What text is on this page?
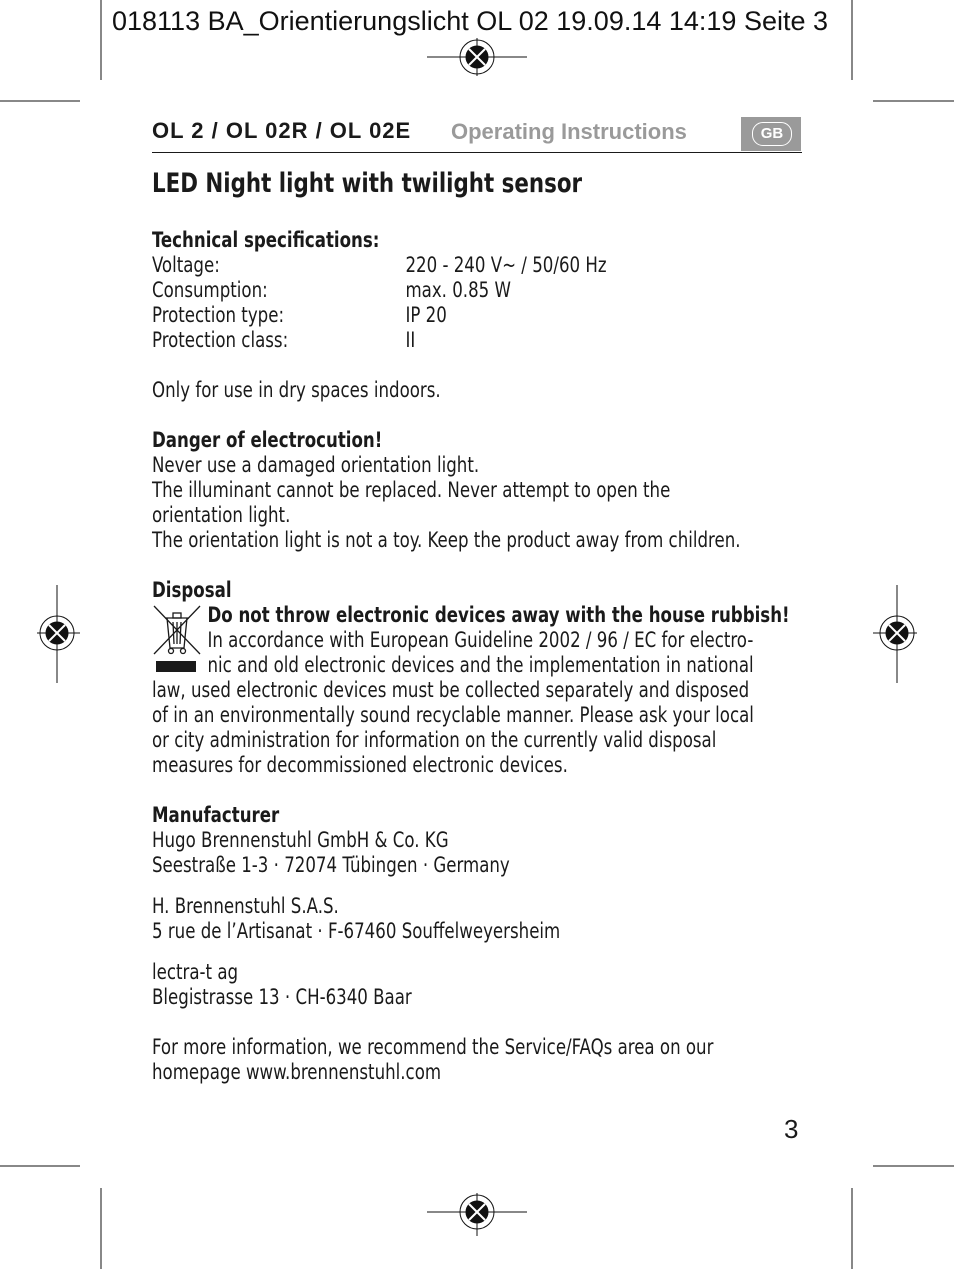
018113 BA_Orientierungslicht OL 02 19.09.14 14:19 Seite 3
OL 2 / OL 02R / OL 02E Operating Instructions	GB
LED Night light with twilight sensor

Technical specifications:

Voltage:	220 - 240 V~ / 50/60 Hz
Consumption:	max. 0.85 W
Protection type:	IP 20
Protection class:	II

Only for use in dry spaces indoors.

Danger of electrocution!

Never use a damaged orientation light.

The illuminant cannot be replaced. Never attempt to open the

orientation light.

The orientation light is not a toy. Keep the product away from children.

Disposal

Do not throw electronic devices away with the house rubbish!

In accordance with European Guideline 2002 / 96 / EC for electro-

nic and old electronic devices and the implementation in national

law, used electronic devices must be collected separately and disposed

of in an environmentally sound recyclable manner. Please ask your local

or city administration for information on the currently valid disposal

measures for decommissioned electronic devices.

Manufacturer

Hugo Brennenstuhl GmbH & Co. KG

Seestraße 1-3 · 72074 Tübingen · Germany

H. Brennenstuhl S.A.S.

5 rue de l’Artisanat · F-67460 Souffelweyersheim

lectra-t ag

Blegistrasse 13 · CH-6340 Baar

For more information, we recommend the Service/FAQs area on our

homepage www.brennenstuhl.com

3
